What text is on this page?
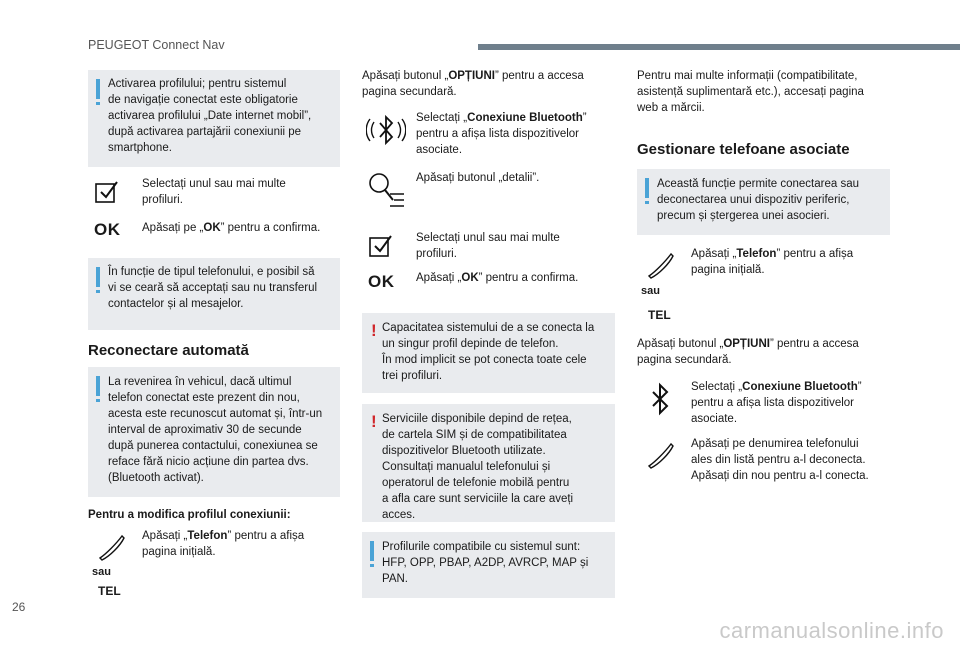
PEUGEOT Connect Nav
Activarea profilului; pentru sistemul
de navigație conectat este obligatorie
activarea profilului „Date internet mobil”,
după activarea partajării conexiunii pe
smartphone.
Selectați unul sau mai multe
profiluri.
OK Apăsați pe „OK” pentru a confirma.
În funcție de tipul telefonului, e posibil să
vi se ceară să acceptați sau nu transferul
contactelor și al mesajelor.
Reconectare automată
La revenirea în vehicul, dacă ultimul
telefon conectat este prezent din nou,
acesta este recunoscut automat și, într-un
interval de aproximativ 30 de secunde
după punerea contactului, conexiunea se
reface fără nicio acțiune din partea dvs.
(Bluetooth activat).
Pentru a modifica profilul conexiunii:
Apăsați „Telefon” pentru a afișa
pagina inițială.
sau
TEL
Apăsați butonul „OPȚIUNI” pentru a accesa
pagina secundară.
Selectați „Conexiune Bluetooth”
pentru a afișa lista dispozitivelor
asociate.
Apăsați butonul „detalii”.
Selectați unul sau mai multe
profiluri.
OK Apăsați „OK” pentru a confirma.
! Capacitatea sistemului de a se conecta la
un singur profil depinde de telefon.
În mod implicit se pot conecta toate cele
trei profiluri.
! Serviciile disponibile depind de rețea,
de cartela SIM și de compatibilitatea
dispozitivelor Bluetooth utilizate.
Consultați manualul telefonului și
operatorul de telefonie mobilă pentru
a afla care sunt serviciile la care aveți
acces.
Profilurile compatibile cu sistemul sunt:
HFP, OPP, PBAP, A2DP, AVRCP, MAP și
PAN.
Pentru mai multe informații (compatibilitate,
asistență suplimentară etc.), accesați pagina
web a mărcii.
Gestionare telefoane asociate
Această funcție permite conectarea sau
deconectarea unui dispozitiv periferic,
precum și ștergerea unei asocieri.
Apăsați „Telefon” pentru a afișa
pagina inițială.
sau
TEL
Apăsați butonul „OPȚIUNI” pentru a accesa
pagina secundară.
Selectați „Conexiune Bluetooth”
pentru a afișa lista dispozitivelor
asociate.
Apăsați pe denumirea telefonului
ales din listă pentru a-l deconecta.
Apăsați din nou pentru a-l conecta.
26
carmanualsonline.info
